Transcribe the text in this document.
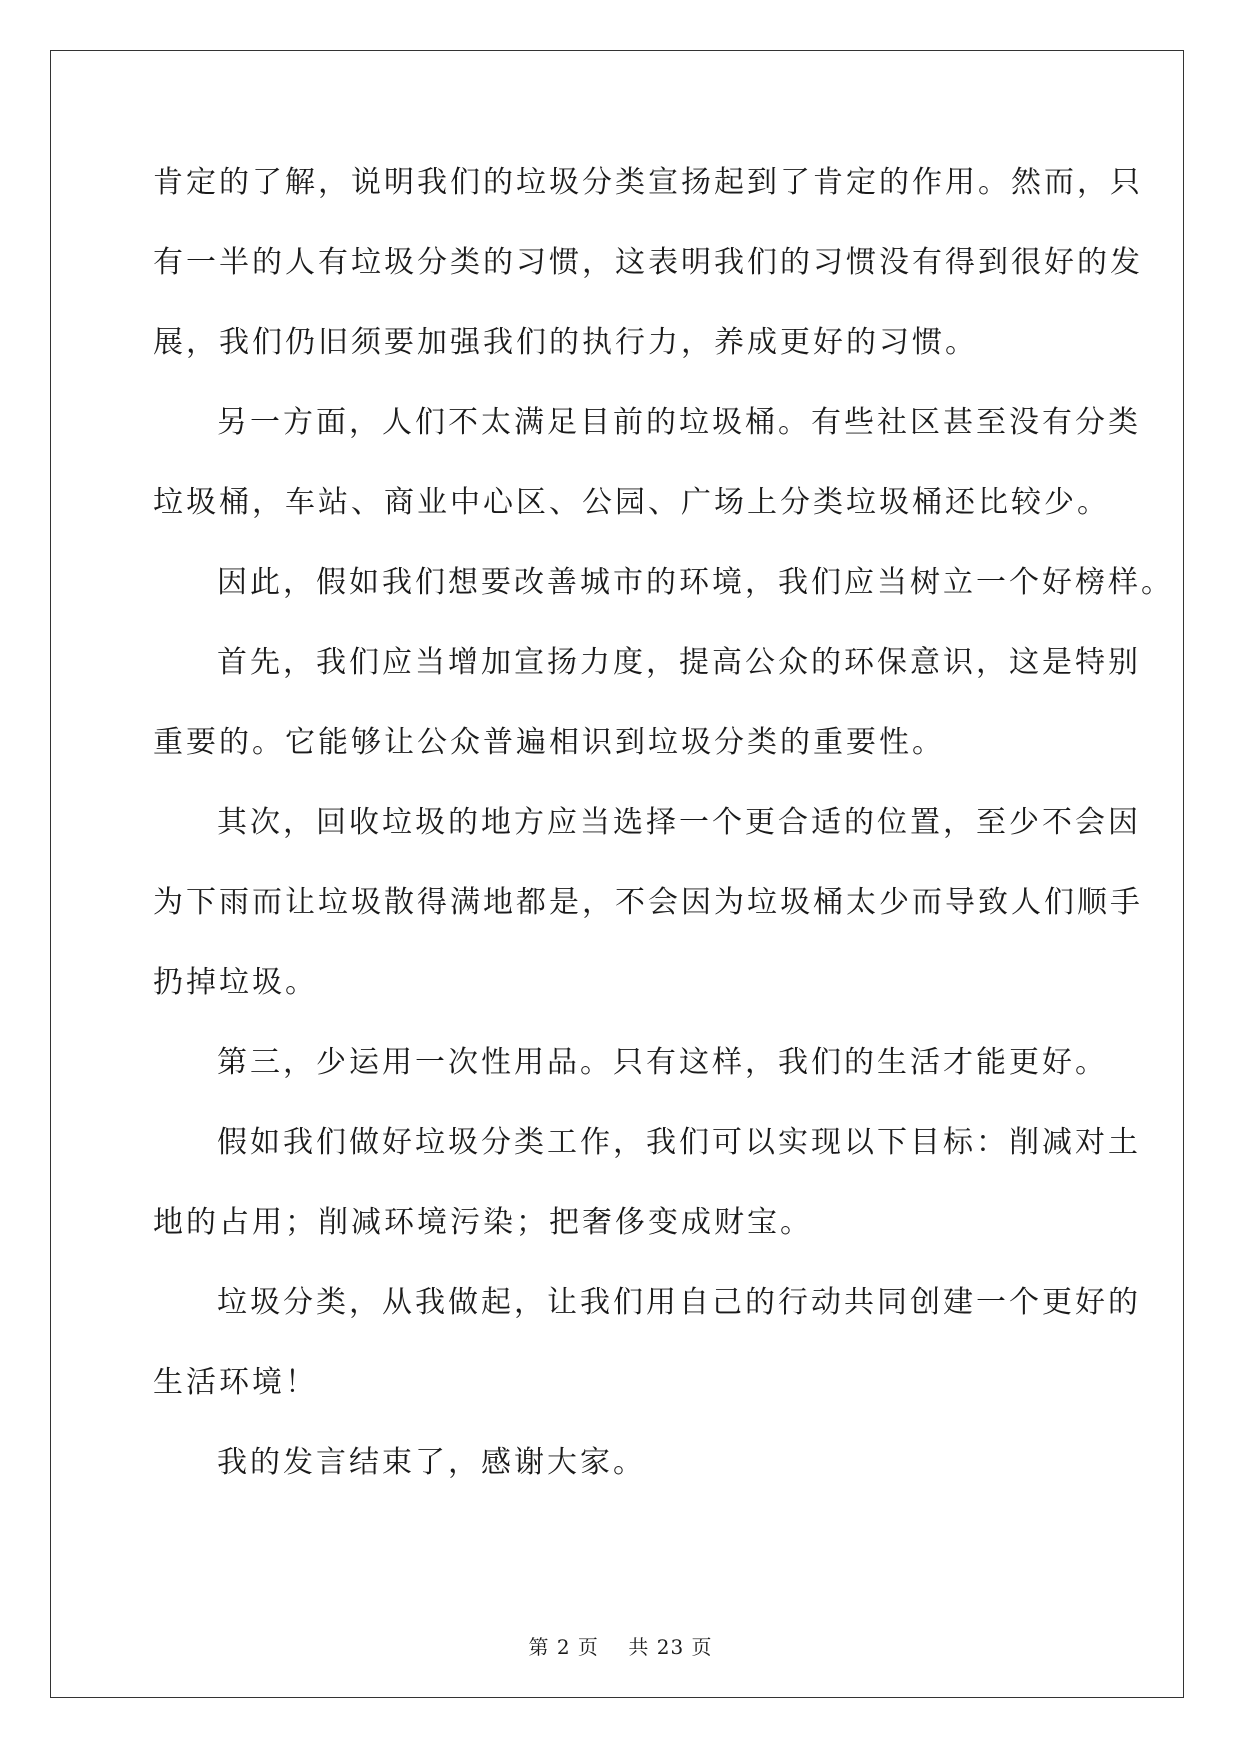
肯定的了解，说明我们的垃圾分类宣扬起到了肯定的作用。然而，只
有一半的人有垃圾分类的习惯，这表明我们的习惯没有得到很好的发
展，我们仍旧须要加强我们的执行力，养成更好的习惯。
另一方面，人们不太满足目前的垃圾桶。有些社区甚至没有分类
垃圾桶，车站、商业中心区、公园、广场上分类垃圾桶还比较少。
因此，假如我们想要改善城市的环境，我们应当树立一个好榜样。
首先，我们应当增加宣扬力度，提高公众的环保意识，这是特别
重要的。它能够让公众普遍相识到垃圾分类的重要性。
其次，回收垃圾的地方应当选择一个更合适的位置，至少不会因
为下雨而让垃圾散得满地都是，不会因为垃圾桶太少而导致人们顺手
扔掉垃圾。
第三，少运用一次性用品。只有这样，我们的生活才能更好。
假如我们做好垃圾分类工作，我们可以实现以下目标：削减对土
地的占用；削减环境污染；把奢侈变成财宝。
垃圾分类，从我做起，让我们用自己的行动共同创建一个更好的
生活环境！
我的发言结束了，感谢大家。
第 2 页 共 23 页
